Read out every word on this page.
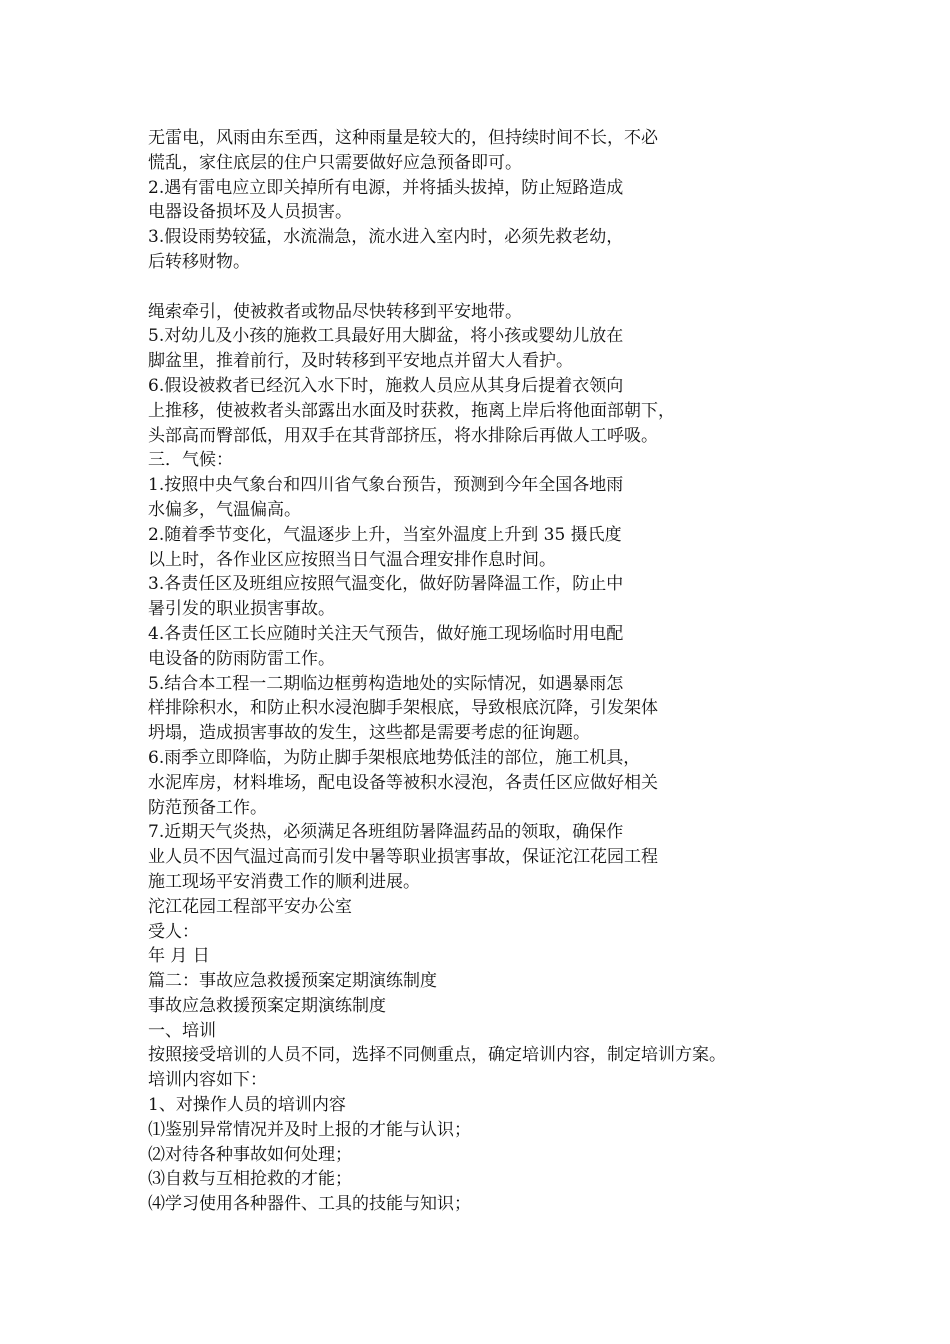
无雷电，风雨由东至西，这种雨量是较大的，但持续时间不长，不必
慌乱，家住底层的住户只需要做好应急预备即可。
2.遇有雷电应立即关掉所有电源，并将插头拔掉，防止短路造成
电器设备损坏及人员损害。
3.假设雨势较猛，水流湍急，流水进入室内时，必须先救老幼，
后转移财物。
绳索牵引，使被救者或物品尽快转移到平安地带。
5.对幼儿及小孩的施救工具最好用大脚盆，将小孩或婴幼儿放在
脚盆里，推着前行，及时转移到平安地点并留大人看护。
6.假设被救者已经沉入水下时，施救人员应从其身后提着衣领向
上推移，使被救者头部露出水面及时获救，拖离上岸后将他面部朝下，
头部高而臀部低，用双手在其背部挤压，将水排除后再做人工呼吸。
三．气候：
1.按照中央气象台和四川省气象台预告，预测到今年全国各地雨
水偏多，气温偏高。
2.随着季节变化，气温逐步上升，当室外温度上升到 35 摄氏度
以上时，各作业区应按照当日气温合理安排作息时间。
3.各责任区及班组应按照气温变化，做好防暑降温工作，防止中
暑引发的职业损害事故。
4.各责任区工长应随时关注天气预告，做好施工现场临时用电配
电设备的防雨防雷工作。
5.结合本工程一二期临边框剪构造地处的实际情况，如遇暴雨怎
样排除积水，和防止积水浸泡脚手架根底，导致根底沉降，引发架体
坍塌，造成损害事故的发生，这些都是需要考虑的征询题。
6.雨季立即降临，为防止脚手架根底地势低洼的部位，施工机具，
水泥库房，材料堆场，配电设备等被积水浸泡，各责任区应做好相关
防范预备工作。
7.近期天气炎热，必须满足各班组防暑降温药品的领取，确保作
业人员不因气温过高而引发中暑等职业损害事故，保证沱江花园工程
施工现场平安消费工作的顺利进展。
沱江花园工程部平安办公室
受人：
年 月 日
篇二：事故应急救援预案定期演练制度
事故应急救援预案定期演练制度
一、培训
按照接受培训的人员不同，选择不同侧重点，确定培训内容，制定培训方案。
培训内容如下：
1、对操作人员的培训内容
⑴鉴别异常情况并及时上报的才能与认识；
⑵对待各种事故如何处理；
⑶自救与互相抢救的才能；
⑷学习使用各种器件、工具的技能与知识；
